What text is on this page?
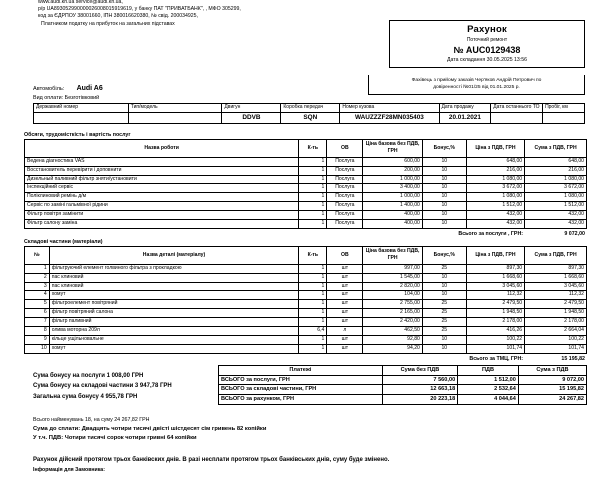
www.audi.kh.ua service@audi.kh.ua,
р/р UA893052990000026008015919619, у банку ПАТ "ПРИВАТБАНК", , МФО 305299,
код за ЄДРПОУ 38001660, ІПН 380016620380, № свід. 200034925,
Платником податку на прибуток на загальних підставах
Рахунок
Поточний ремонт
№ AUC0129438
Дата складання 30.05.2025 13:56
Фахівець з прийому заказів Чер'яков Андрій Петрович по
довіренності №01/25 від 01.01.2025 р.
Автомобіль: Audi A6
Вид оплати: Безготівковий
Державний номер	Тип/модель	Двигун	Коробка передач	Номер кузова	Дата продажу	Дата останнього ТО	Пробіг, км
		DDVB	SQN	WAUZZZF28MN035403	20.01.2021		
Обсяги, трудомісткість і вартість послуг
Назва роботи	К-ть	ОВ	Ціна базова без ПДВ, ГРН	Бонус,%	Ціна з ПДВ, ГРН	Сума з ПДВ, ГРН
Ведена діагностика VAS	1	Послуга	600,00	10	648,00	648,00
Восстановитель перевірити і доповнити	1	Послуга	200,00	10	216,00	216,00
Дизельный паливний фільтр зняти/установити	1	Послуга	1 000,00	10	1 080,00	1 080,00
Інспекційний сервіс	1	Послуга	3 400,00	10	3 672,00	3 672,00
Поліклиновий ремінь д/м	1	Послуга	1 000,00	10	1 080,00	1 080,00
Сервіс по заміні гальмівної рідини	1	Послуга	1 400,00	10	1 512,00	1 512,00
Фільтр повітря замінити	1	Послуга	400,00	10	432,00	432,00
Фільтр салону заміна	1	Послуга	400,00	10	432,00	432,00
Всього за послуги , ГРН:	9 072,00
Складові частини (матеріали)
№	Назва деталі (матеріалу)	К-ть	ОВ	Ціна базова без ПДВ, ГРН	Бонус,%	Ціна з ПДВ, ГРН	Сума з ПДВ, ГРН
1	фільтруючий елемент голвиного фільтра з прокладкою	1	шт	997,00	25	897,30	897,30
2	пас клиновий	1	шт	1 545,00	10	1 668,60	1 668,60
3	пас клиновий	1	шт	2 820,00	10	3 045,60	3 045,60
4	хомут	1	шт	104,00	10	112,32	112,32
5	фільтроелемент повітряний	1	шт	2 755,00	25	2 479,50	2 479,50
6	фільтр повітряний салона	1	шт	2 165,00	25	1 948,50	1 948,50
7	фільтр паливний	1	шт	2 420,00	25	2 178,00	2 178,00
8	олива моторна 209л	6,4	л	462,50	25	416,26	2 664,04
9	кільце ущільновальне	1	шт	92,80	10	100,22	100,22
10	хомут	1	шт	94,20	10	101,74	101,74
Всього за ТМЦ, ГРН:	15 195,82
Сума бонусу на послуги 1 008,00 ГРН
Сума бонусу на складові частини 3 947,78 ГРН
Загальна сума бонусу 4 955,78 ГРН
Платежі	Сума без ПДВ	ПДВ	Сума з ПДВ
ВСЬОГО за послуги, ГРН	7 560,00	1 512,00	9 072,00
ВСЬОГО за складові частини, ГРН	12 663,18	2 532,64	15 195,82
ВСЬОГО за рахунком, ГРН	20 223,18	4 044,64	24 267,82
Всього найменувань 18, на суму 24 267,82 ГРН
Сума до сплати: Двадцять чотири тисячі двісті шістдесят сім гривень 82 копійки
У т.ч. ПДВ: Чотири тисячі сорок чотири гривні 64 копійки
Рахунок дійсний протягом трьох банківских днів. В разі несплати протягом трьох банківських днів, суму буде змінено.
Інформація для Замовника:
